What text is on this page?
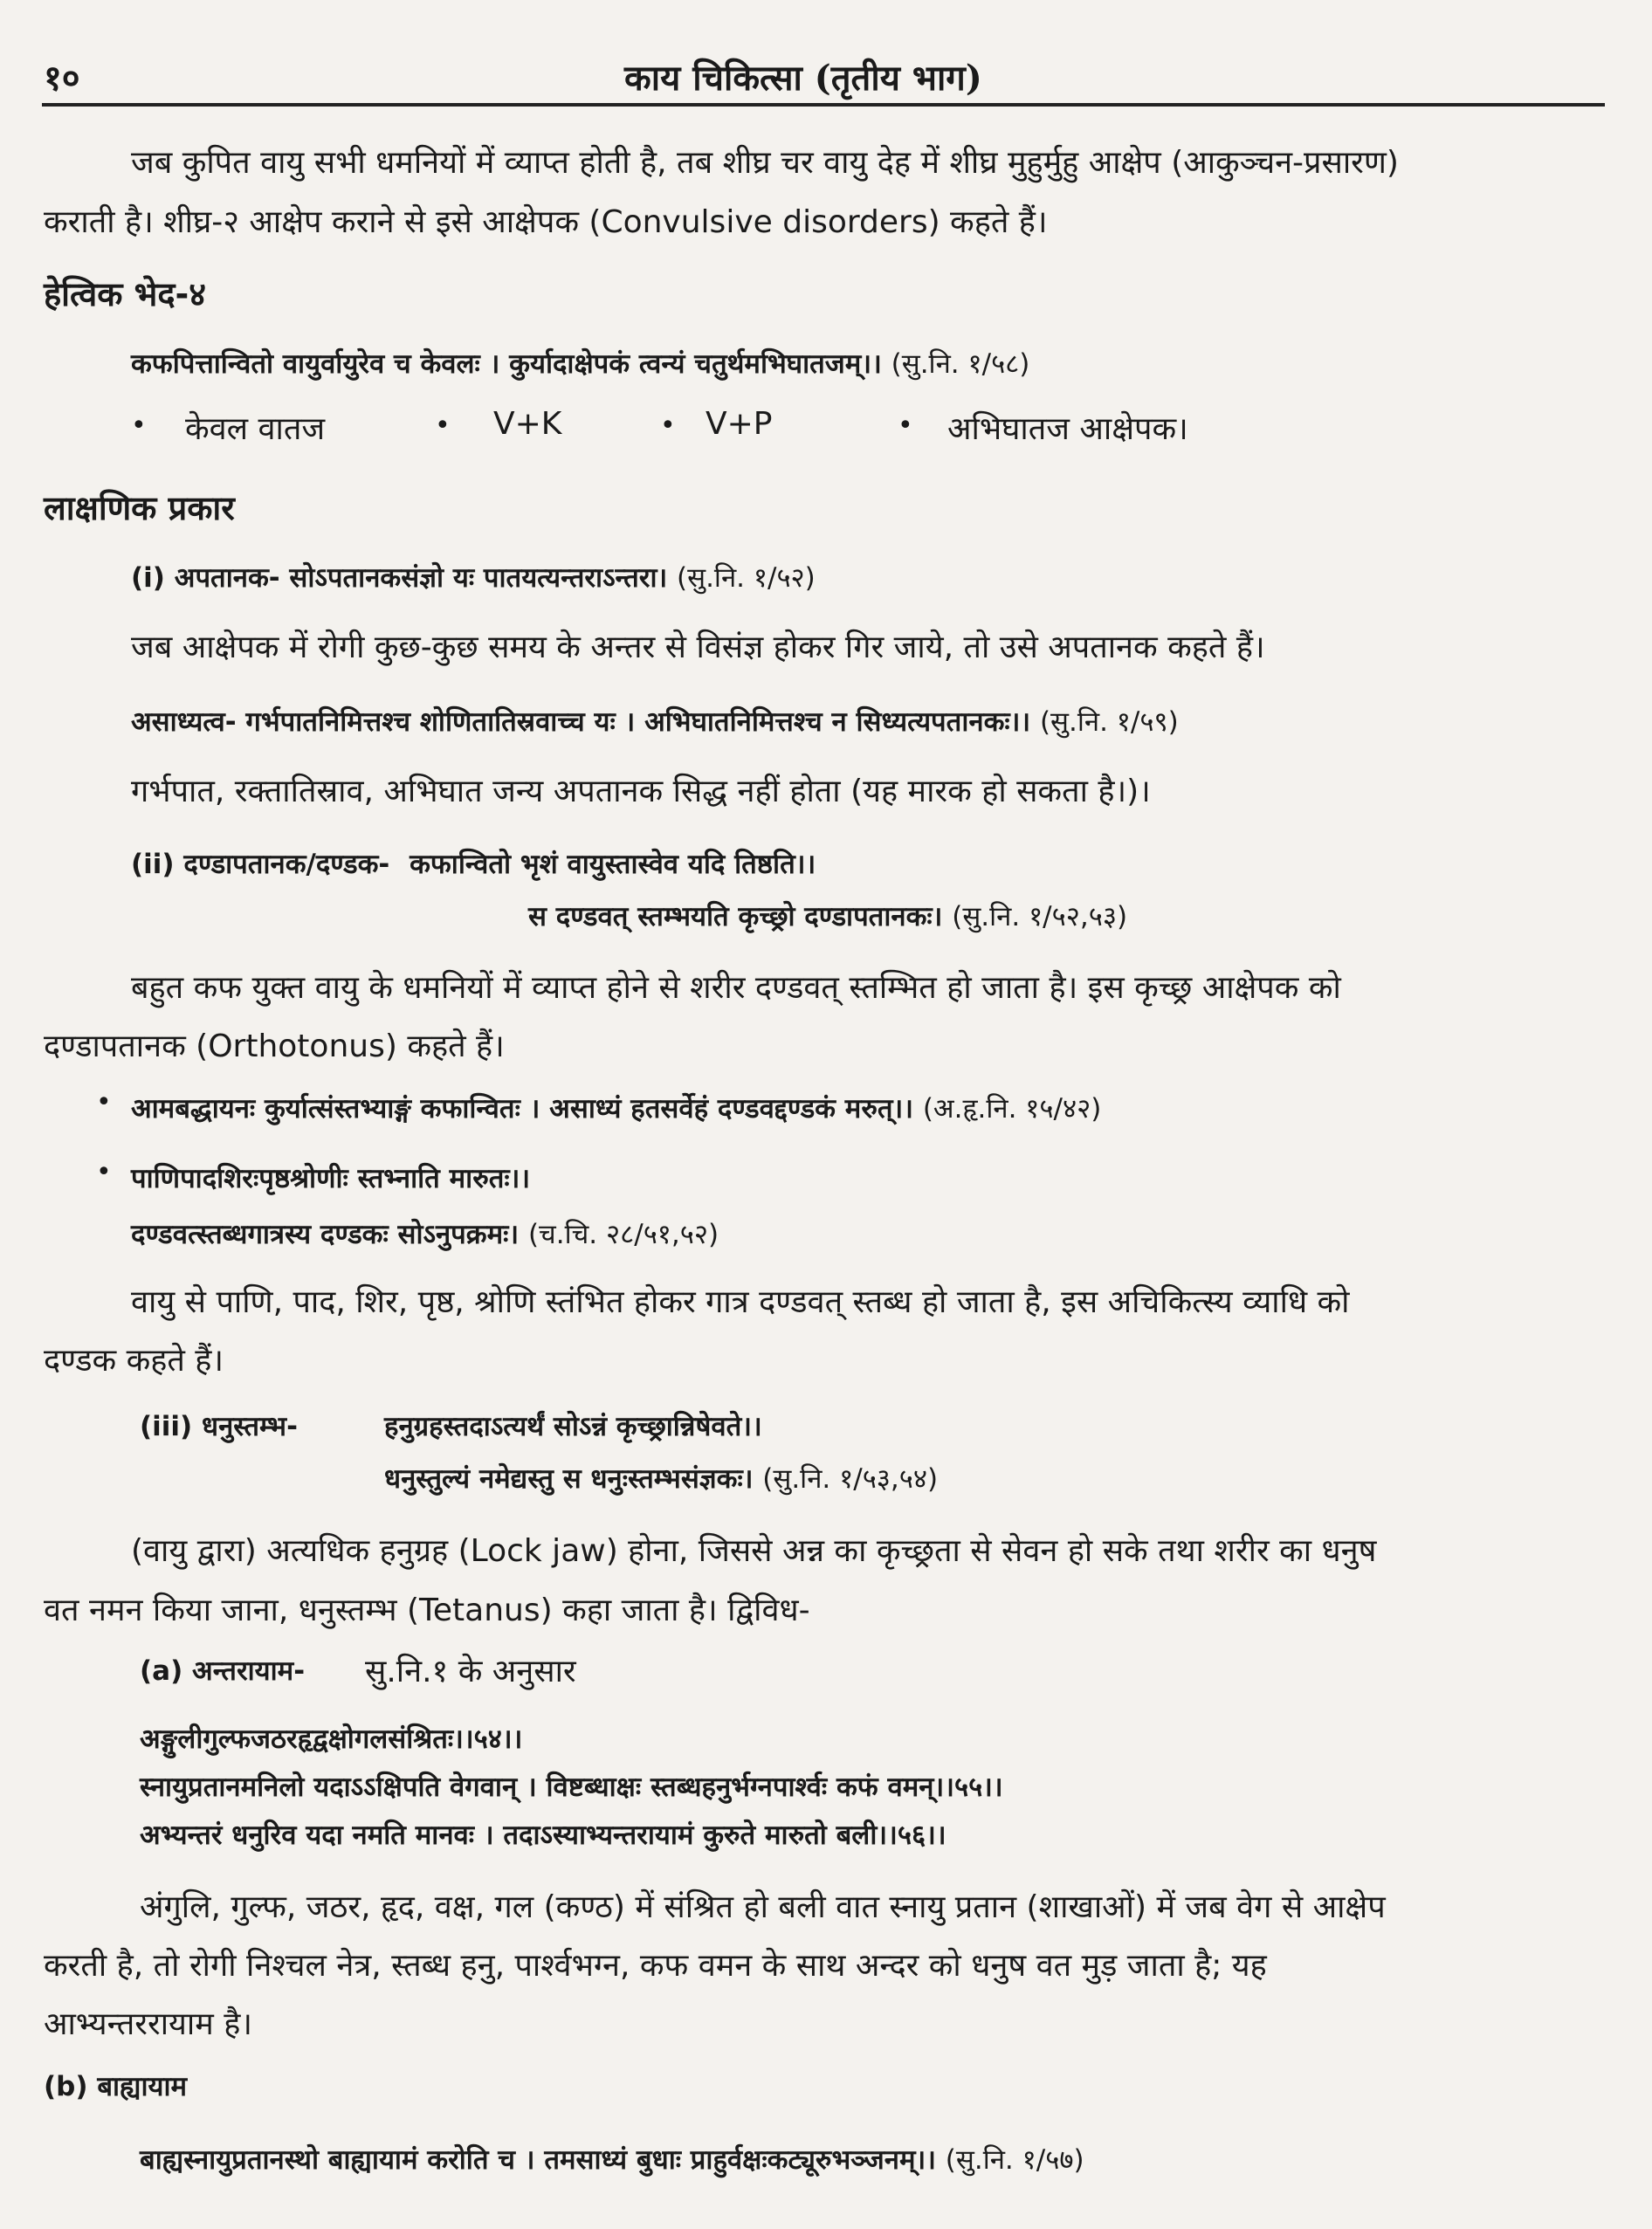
१०	काय चिकित्सा (तृतीय भाग)
जब कुपित वायु सभी धमनियों में व्याप्त होती है, तब शीघ्र चर वायु देह में शीघ्र मुहुर्मुहु आक्षेप (आकुञ्चन-प्रसारण)
कराती है। शीघ्र-२ आक्षेप कराने से इसे आक्षेपक (Convulsive disorders) कहते हैं।
हेत्विक भेद-४
कफपित्तान्वितो वायुर्वायुरेव च केवलः । कुर्यादाक्षेपकं त्वन्यं चतुर्थमभिघातजम्।। (सु.नि. १/५८)
• केवल वातज	• V+K	• V+P	• अभिघातज आक्षेपक।
लाक्षणिक प्रकार
(i) अपतानक- सोऽपतानकसंज्ञो यः पातयत्यन्तराऽन्तरा। (सु.नि. १/५२)
जब आक्षेपक में रोगी कुछ-कुछ समय के अन्तर से विसंज्ञ होकर गिर जाये, तो उसे अपतानक कहते हैं।
असाध्यत्व- गर्भपातनिमित्तश्च शोणितातिस्रवाच्च यः । अभिघातनिमित्तश्च न सिध्यत्यपतानकः।। (सु.नि. १/५९)
गर्भपात, रक्तातिस्राव, अभिघात जन्य अपतानक सिद्ध नहीं होता (यह मारक हो सकता है।)।
(ii) दण्डापतानक/दण्डक- कफान्वितो भृशं वायुस्तास्वेव यदि तिष्ठति।।
स दण्डवत् स्तम्भयति कृच्छ्रो दण्डापतानकः। (सु.नि. १/५२,५३)
बहुत कफ युक्त वायु के धमनियों में व्याप्त होने से शरीर दण्डवत् स्तम्भित हो जाता है। इस कृच्छ्र आक्षेपक को
दण्डापतानक (Orthotonus) कहते हैं।
• आमबद्धायनः कुर्यात्संस्तभ्याङ्गं कफान्वितः । असाध्यं हतसर्वेहं दण्डवद्दण्डकं मरुत्।। (अ.हृ.नि. १५/४२)
• पाणिपादशिरःपृष्ठश्रोणीः स्तभ्नाति मारुतः।।
दण्डवत्स्तब्धगात्रस्य दण्डकः सोऽनुपक्रमः। (च.चि. २८/५१,५२)
वायु से पाणि, पाद, शिर, पृष्ठ, श्रोणि स्तंभित होकर गात्र दण्डवत् स्तब्ध हो जाता है, इस अचिकित्स्य व्याधि को
दण्डक कहते हैं।
(iii) धनुस्तम्भ-	हनुग्रहस्तदाऽत्यर्थं सोऽन्नं कृच्छ्रान्निषेवते।।
धनुस्तुल्यं नमेद्यस्तु स धनुःस्तम्भसंज्ञकः। (सु.नि. १/५३,५४)
(वायु द्वारा) अत्यधिक हनुग्रह (Lock jaw) होना, जिससे अन्न का कृच्छ्रता से सेवन हो सके तथा शरीर का धनुष
वत नमन किया जाना, धनुस्तम्भ (Tetanus) कहा जाता है। द्विविध-
(a) अन्तरायाम- सु.नि.१ के अनुसार
अङ्गुलीगुल्फजठरहृद्वक्षोगलसंश्रितः।।५४।।
स्नायुप्रतानमनिलो यदाऽऽक्षिपति वेगवान् । विष्टब्धाक्षः स्तब्धहनुर्भग्नपार्श्वः कफं वमन्।।५५।।
अभ्यन्तरं धनुरिव यदा नमति मानवः । तदाऽस्याभ्यन्तरायामं कुरुते मारुतो बली।।५६।।
अंगुलि, गुल्फ, जठर, हृद, वक्ष, गल (कण्ठ) में संश्रित हो बली वात स्नायु प्रतान (शाखाओं) में जब वेग से आक्षेप
करती है, तो रोगी निश्चल नेत्र, स्तब्ध हनु, पार्श्वभग्न, कफ वमन के साथ अन्दर को धनुष वत मुड़ जाता है; यह
आभ्यन्तररायाम है।
(b) बाह्यायाम
बाह्यस्नायुप्रतानस्थो बाह्यायामं करोति च । तमसाध्यं बुधाः प्राहुर्वक्षःकट्यूरुभञ्जनम्।। (सु.नि. १/५७)
